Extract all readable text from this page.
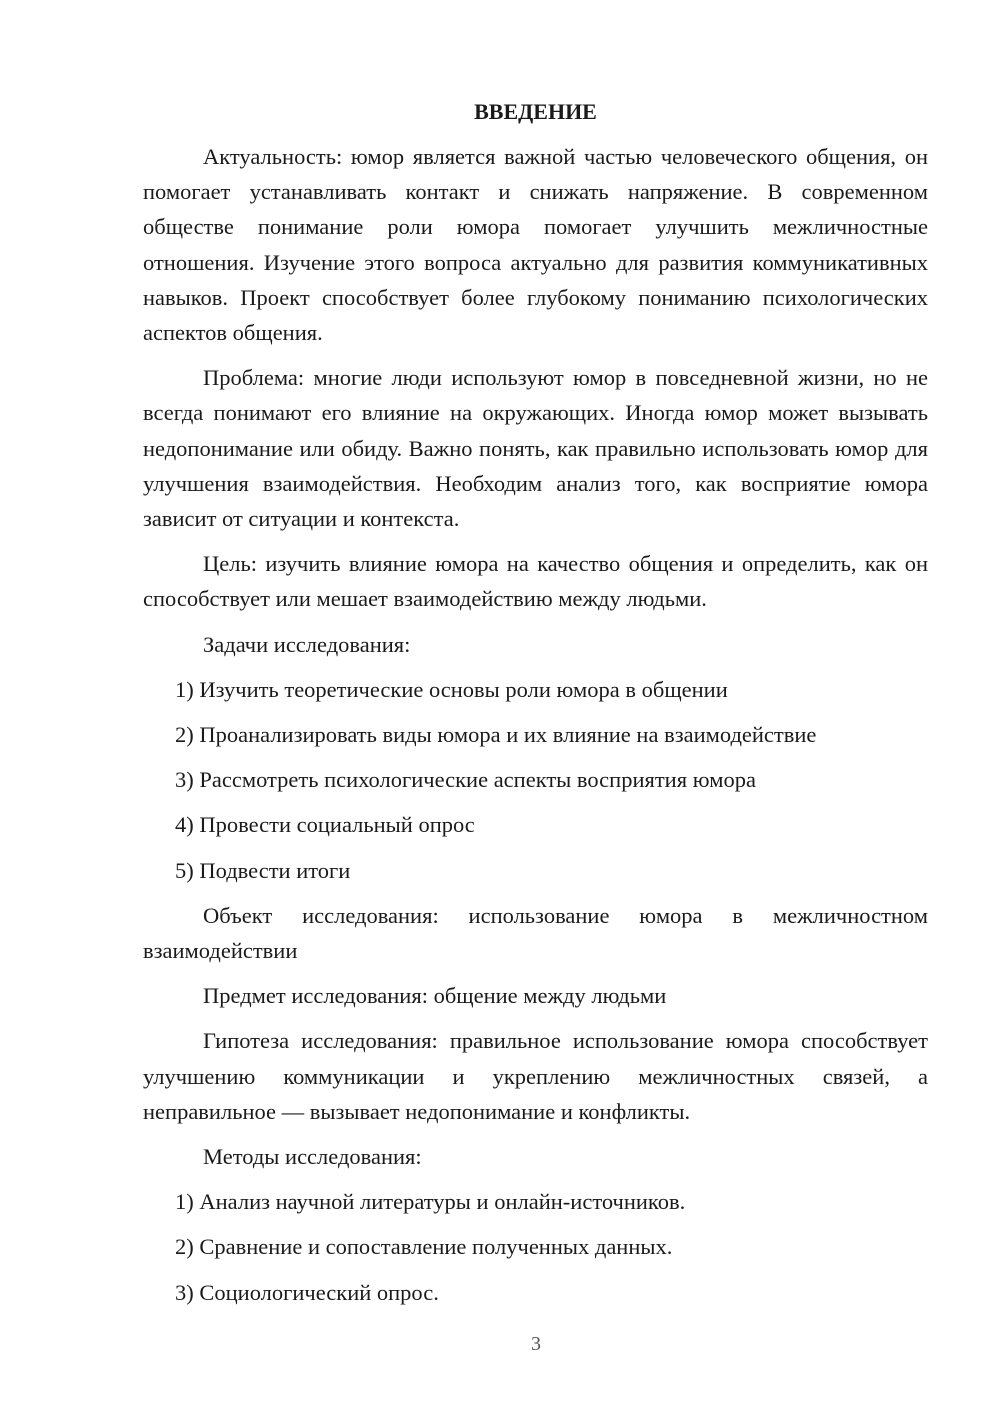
ВВЕДЕНИЕ

Актуальность: юмор является важной частью человеческого общения, он помогает устанавливать контакт и снижать напряжение. В современном обществе понимание роли юмора помогает улучшить межличностные отношения. Изучение этого вопроса актуально для развития коммуникативных навыков. Проект способствует более глубокому пониманию психологических аспектов общения.

Проблема: многие люди используют юмор в повседневной жизни, но не всегда понимают его влияние на окружающих. Иногда юмор может вызывать недопонимание или обиду. Важно понять, как правильно использовать юмор для улучшения взаимодействия. Необходим анализ того, как восприятие юмора зависит от ситуации и контекста.

Цель: изучить влияние юмора на качество общения и определить, как он способствует или мешает взаимодействию между людьми.

Задачи исследования:

1) Изучить теоретические основы роли юмора в общении
2) Проанализировать виды юмора и их влияние на взаимодействие
3) Рассмотреть психологические аспекты восприятия юмора
4) Провести социальный опрос
5) Подвести итоги

Объект исследования: использование юмора в межличностном взаимодействии

Предмет исследования: общение между людьми

Гипотеза исследования: правильное использование юмора способствует улучшению коммуникации и укреплению межличностных связей, а неправильное — вызывает недопонимание и конфликты.

Методы исследования:

1) Анализ научной литературы и онлайн-источников.
2) Сравнение и сопоставление полученных данных.
3) Социологический опрос.
3
